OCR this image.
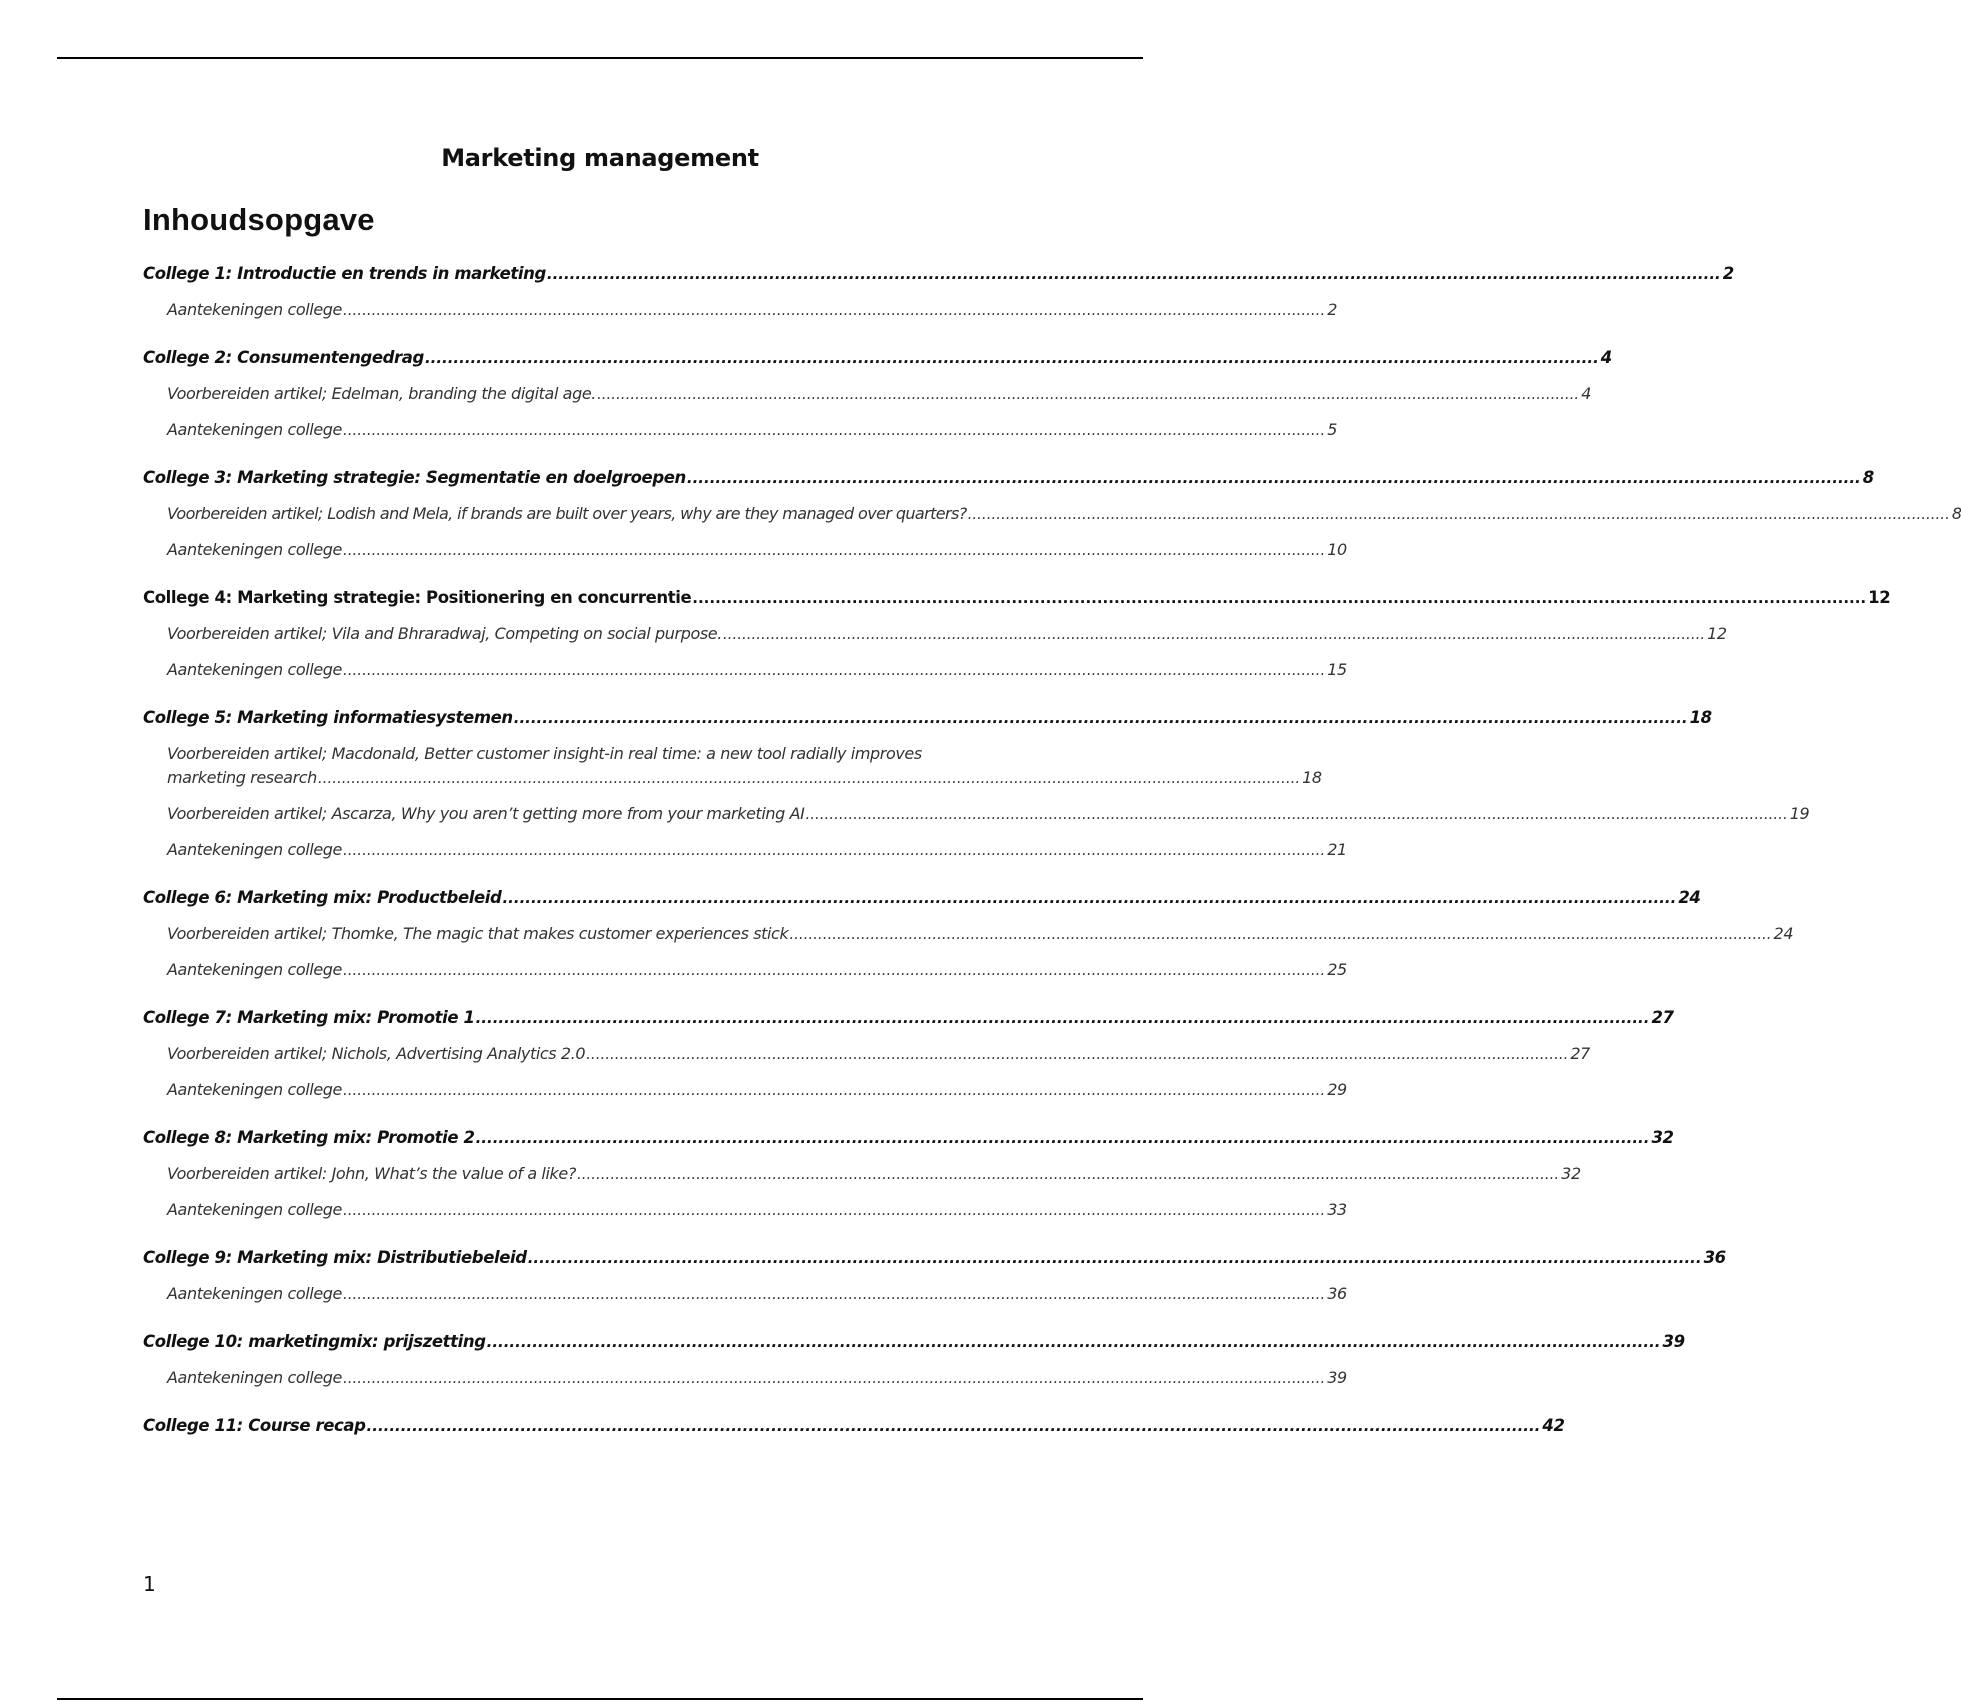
Marketing management
Inhoudsopgave
College 1: Introductie en trends in marketing .............................................................................................................................................................................................................. 2
Aantekeningen college .............................................................................................................................................................................................................. 2
College 2: Consumentengedrag .............................................................................................................................................................................................................. 4
Voorbereiden artikel; Edelman, branding the digital age. .............................................................................................................................................................................................................. 4
Aantekeningen college .............................................................................................................................................................................................................. 5
College 3: Marketing strategie: Segmentatie en doelgroepen .............................................................................................................................................................................................................. 8
Voorbereiden artikel; Lodish and Mela, if brands are built over years, why are they managed over quarters? .............................................................................................................................................................................................................. 8
Aantekeningen college .............................................................................................................................................................................................................. 10
College 4: Marketing strategie: Positionering en concurrentie .............................................................................................................................................................................................................. 12
Voorbereiden artikel; Vila and Bhraradwaj, Competing on social purpose. .............................................................................................................................................................................................................. 12
Aantekeningen college .............................................................................................................................................................................................................. 15
College 5: Marketing informatiesystemen .............................................................................................................................................................................................................. 18
Voorbereiden artikel; Macdonald, Better customer insight-in real time: a new tool radially improves
marketing research .............................................................................................................................................................................................................. 18
Voorbereiden artikel; Ascarza, Why you aren’t getting more from your marketing AI .............................................................................................................................................................................................................. 19
Aantekeningen college .............................................................................................................................................................................................................. 21
College 6: Marketing mix: Productbeleid .............................................................................................................................................................................................................. 24
Voorbereiden artikel; Thomke, The magic that makes customer experiences stick .............................................................................................................................................................................................................. 24
Aantekeningen college .............................................................................................................................................................................................................. 25
College 7: Marketing mix: Promotie 1 .............................................................................................................................................................................................................. 27
Voorbereiden artikel; Nichols, Advertising Analytics 2.0 .............................................................................................................................................................................................................. 27
Aantekeningen college .............................................................................................................................................................................................................. 29
College 8: Marketing mix: Promotie 2 .............................................................................................................................................................................................................. 32
Voorbereiden artikel: John, What’s the value of a like? .............................................................................................................................................................................................................. 32
Aantekeningen college .............................................................................................................................................................................................................. 33
College 9: Marketing mix: Distributiebeleid .............................................................................................................................................................................................................. 36
Aantekeningen college .............................................................................................................................................................................................................. 36
College 10: marketingmix: prijszetting .............................................................................................................................................................................................................. 39
Aantekeningen college .............................................................................................................................................................................................................. 39
College 11: Course recap .............................................................................................................................................................................................................. 42
1
